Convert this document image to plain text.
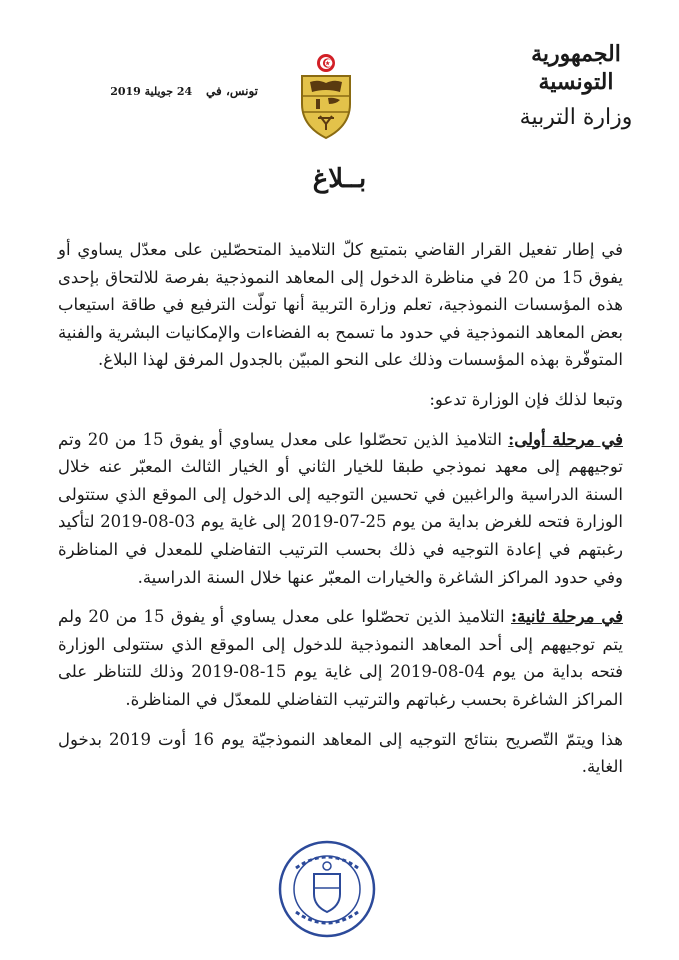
الجمهورية التونسية
وزارة التربية
تونس، في 24 جويلية 2019
بــلاغ

في إطار تفعيل القرار القاضي بتمتيع كلّ التلاميذ المتحصّلين على معدّل يساوي أو يفوق 15 من 20 في مناظرة الدخول إلى المعاهد النموذجية بفرصة للالتحاق بإحدى هذه المؤسسات النموذجية، تعلم وزارة التربية أنها تولّت الترفيع في طاقة استيعاب بعض المعاهد النموذجية في حدود ما تسمح به الفضاءات والإمكانيات البشرية والفنية المتوفّرة بهذه المؤسسات وذلك على النحو المبيّن بالجدول المرفق لهذا البلاغ.

وتبعا لذلك فإن الوزارة تدعو:

في مرحلة أولى: التلاميذ الذين تحصّلوا على معدل يساوي أو يفوق 15 من 20 وتم توجيههم إلى معهد نموذجي طبقا للخيار الثاني أو الخيار الثالث المعبّر عنه خلال السنة الدراسية والراغبين في تحسين التوجيه إلى الدخول إلى الموقع الذي ستتولى الوزارة فتحه للغرض بداية من يوم 25-07-2019 إلى غاية يوم 03-08-2019 لتأكيد رغبتهم في إعادة التوجيه في ذلك بحسب الترتيب التفاضلي للمعدل في المناظرة وفي حدود المراكز الشاغرة والخيارات المعبّر عنها خلال السنة الدراسية.

في مرحلة ثانية: التلاميذ الذين تحصّلوا على معدل يساوي أو يفوق 15 من 20 ولم يتم توجيههم إلى أحد المعاهد النموذجية للدخول إلى الموقع الذي ستتولى الوزارة فتحه بداية من يوم 04-08-2019 إلى غاية يوم 15-08-2019 وذلك للتناظر على المراكز الشاغرة بحسب رغباتهم والترتيب التفاضلي للمعدّل في المناظرة.

هذا ويتمّ التّصريح بنتائج التوجيه إلى المعاهد النموذجيّة يوم 16 أوت 2019 بدخول الغاية.
